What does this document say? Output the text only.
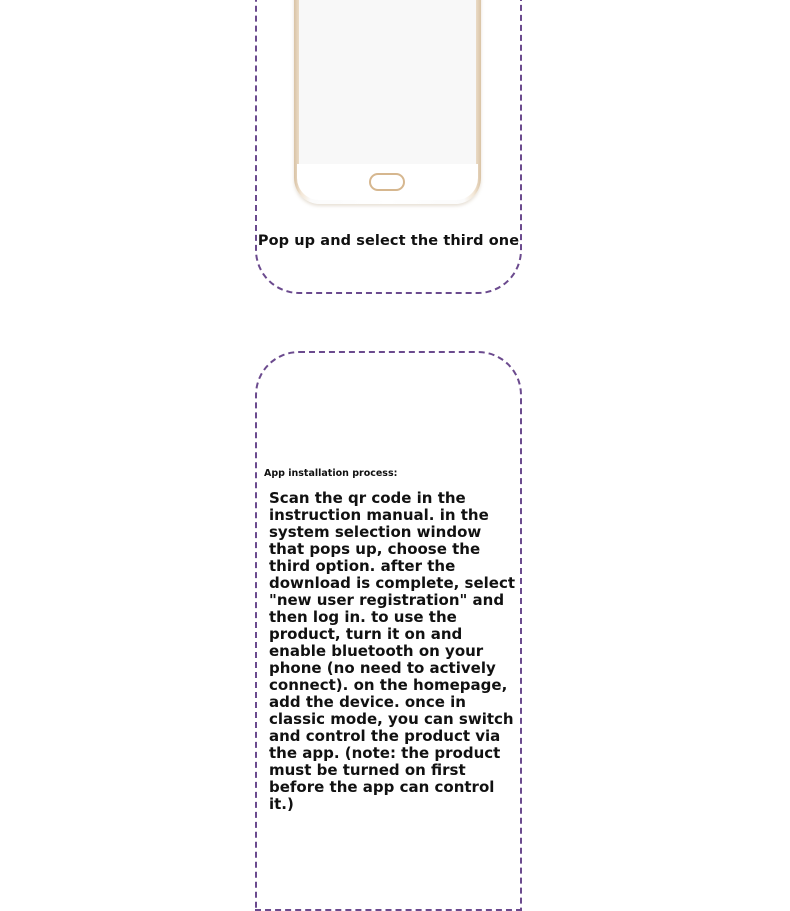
Pop up and select the third one
App installation process:

Scan the qr code in the instruction manual. in the system selection window that pops up, choose the third option. after the download is complete, select "new user registration" and then log in. to use the product, turn it on and enable bluetooth on your phone (no need to actively connect). on the homepage, add the device. once in classic mode, you can switch and control the product via the app. (note: the product must be turned on first before the app can control it.)
